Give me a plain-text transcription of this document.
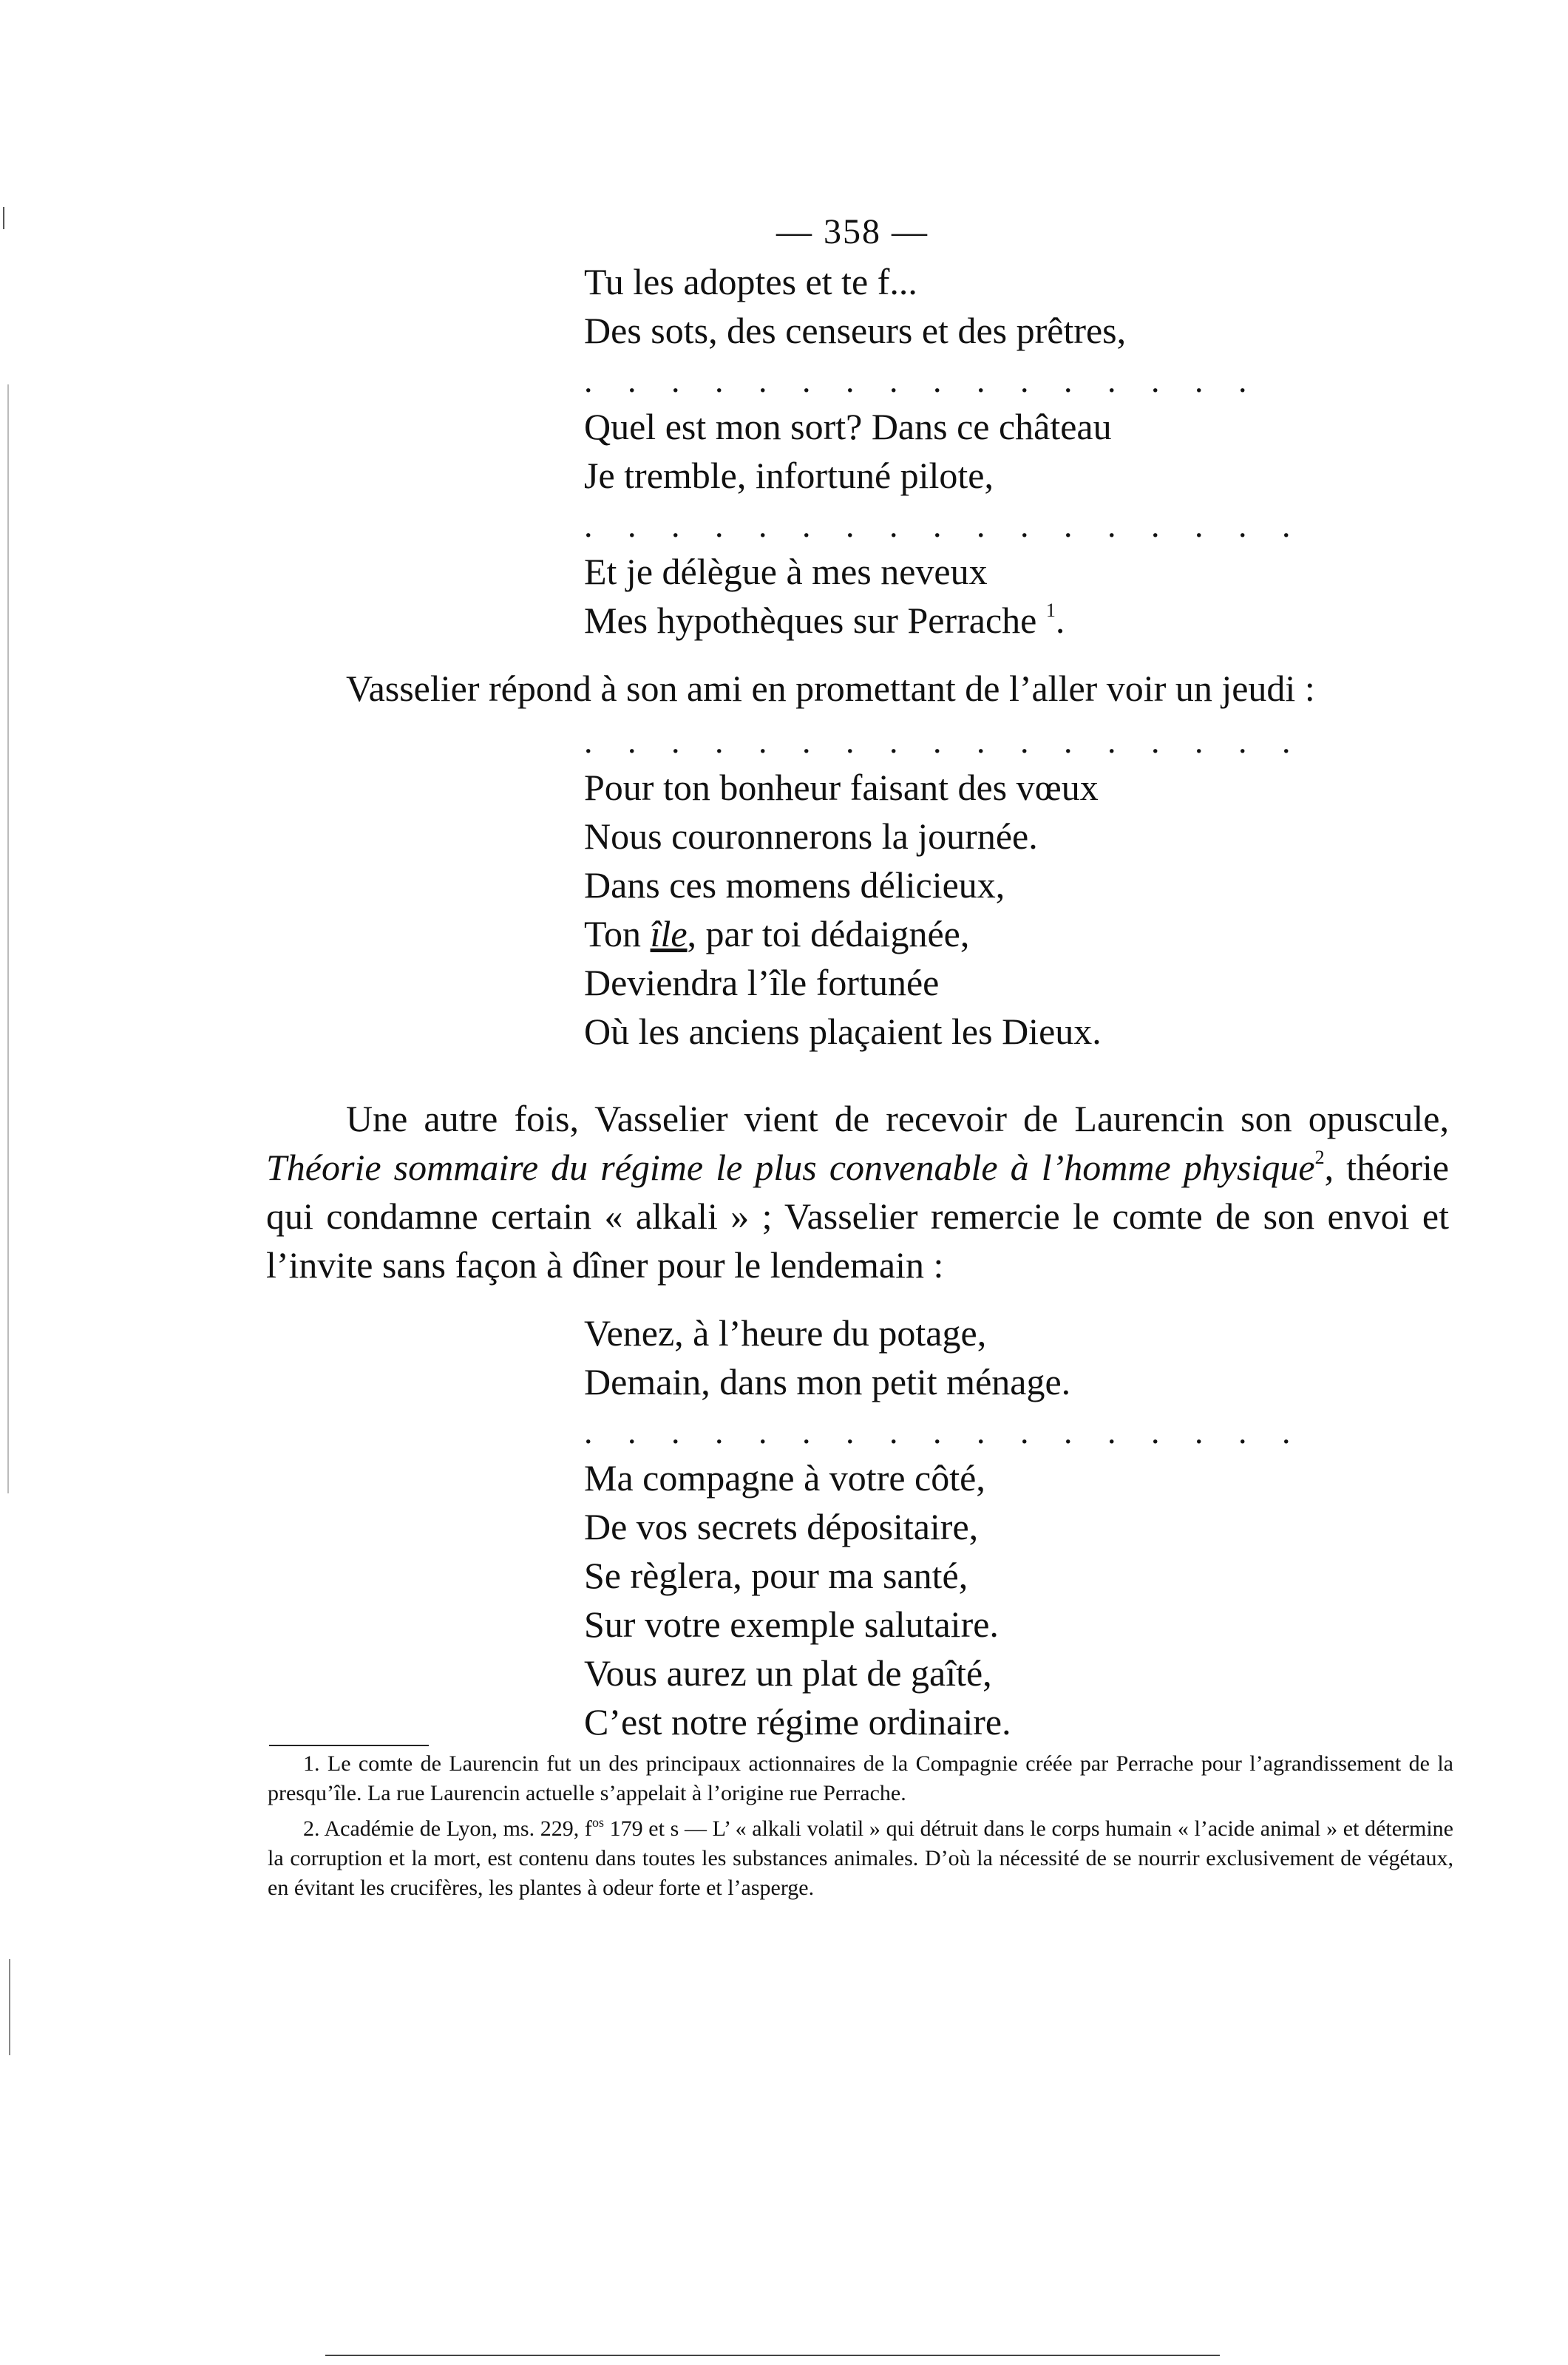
— 358 —
Tu les adoptes et te f...
Des sots, des censeurs et des prêtres,
. . . . . . . . . . . . . . . .
Quel est mon sort? Dans ce château
Je tremble, infortuné pilote,
. . . . . . . . . . . . . . . . .
Et je délègue à mes neveux
Mes hypothèques sur Perrache $^1$.
Vasselier répond à son ami en promettant de l’aller voir un jeudi :
. . . . . . . . . . . . . . . . .
Pour ton bonheur faisant des vœux
Nous couronnerons la journée.
Dans ces momens délicieux,
Ton île, par toi dédaignée,
Deviendra l’île fortunée
Où les anciens plaçaient les Dieux.
Une autre fois, Vasselier vient de recevoir de Laurencin son opuscule, Théorie sommaire du régime le plus convenable à l’homme physique$^2$, théorie qui condamne certain « alkali » ; Vasselier remercie le comte de son envoi et l’invite sans façon à dîner pour le lendemain :
Venez, à l’heure du potage,
Demain, dans mon petit ménage.
. . . . . . . . . . . . . . . . .
Ma compagne à votre côté,
De vos secrets dépositaire,
Se règlera, pour ma santé,
Sur votre exemple salutaire.
Vous aurez un plat de gaîté,
C’est notre régime ordinaire.

1. Le comte de Laurencin fut un des principaux actionnaires de la Compagnie créée par Perrache pour l’agrandissement de la presqu’île. La rue Laurencin actuelle s’appelait à l’origine rue Perrache.

2. Académie de Lyon, ms. 229, $f^{os}$ 179 et s — L’ « alkali volatil » qui détruit dans le corps humain « l’acide animal » et détermine la corruption et la mort, est contenu dans toutes les substances animales. D’où la nécessité de se nourrir exclusivement de végétaux, en évitant les crucifères, les plantes à odeur forte et l’asperge.
